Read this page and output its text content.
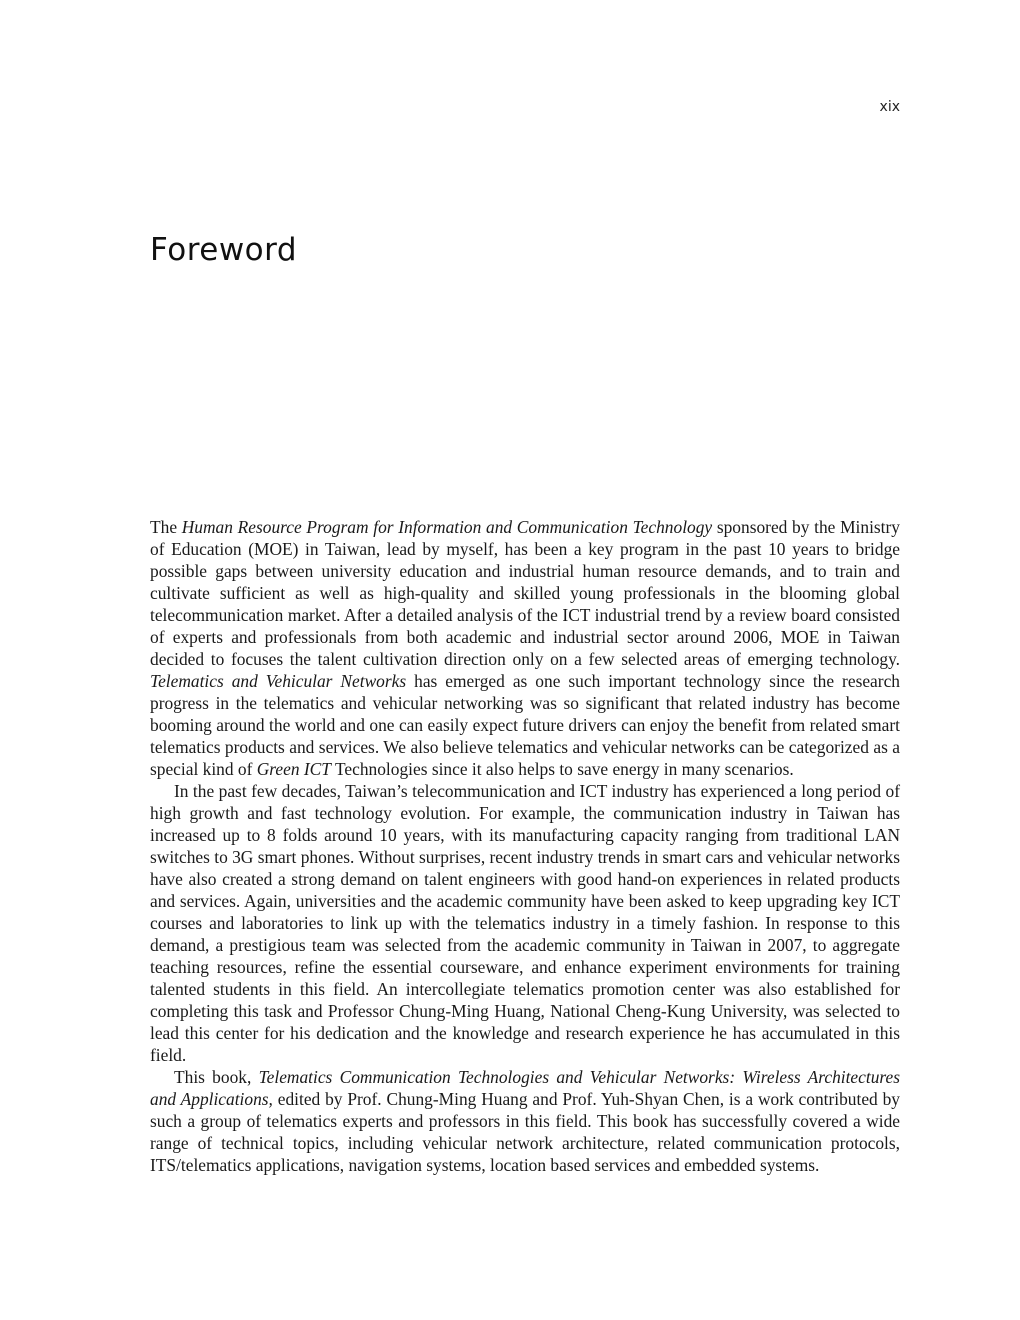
xix
Foreword

The Human Resource Program for Information and Communication Technology sponsored by the Ministry of Education (MOE) in Taiwan, lead by myself, has been a key program in the past 10 years to bridge possible gaps between university education and industrial human resource demands, and to train and cultivate sufficient as well as high-quality and skilled young professionals in the blooming global telecommunication market. After a detailed analysis of the ICT industrial trend by a review board consisted of experts and professionals from both academic and industrial sector around 2006, MOE in Taiwan decided to focuses the talent cultivation direction only on a few selected areas of emerging technology. Telematics and Vehicular Networks has emerged as one such important technology since the research progress in the telematics and vehicular networking was so significant that related industry has become booming around the world and one can easily expect future drivers can enjoy the benefit from related smart telematics products and services. We also believe telematics and vehicular networks can be categorized as a special kind of Green ICT Technologies since it also helps to save energy in many scenarios.

In the past few decades, Taiwan’s telecommunication and ICT industry has experienced a long period of high growth and fast technology evolution. For example, the communication industry in Taiwan has increased up to 8 folds around 10 years, with its manufacturing capacity ranging from traditional LAN switches to 3G smart phones. Without surprises, recent industry trends in smart cars and vehicular networks have also created a strong demand on talent engineers with good hand-on experiences in related products and services. Again, universities and the academic community have been asked to keep upgrading key ICT courses and laboratories to link up with the telematics industry in a timely fashion. In response to this demand, a prestigious team was selected from the academic community in Taiwan in 2007, to aggregate teaching resources, refine the essential courseware, and enhance experiment environments for training talented students in this field. An intercollegiate telematics promotion center was also established for completing this task and Professor Chung-Ming Huang, National Cheng-Kung University, was selected to lead this center for his dedication and the knowledge and research experience he has accumulated in this field.

This book, Telematics Communication Technologies and Vehicular Networks: Wireless Architectures and Applications, edited by Prof. Chung-Ming Huang and Prof. Yuh-Shyan Chen, is a work contributed by such a group of telematics experts and professors in this field. This book has successfully covered a wide range of technical topics, including vehicular network architecture, related communication protocols, ITS/telematics applications, navigation systems, location based services and embedded systems.
